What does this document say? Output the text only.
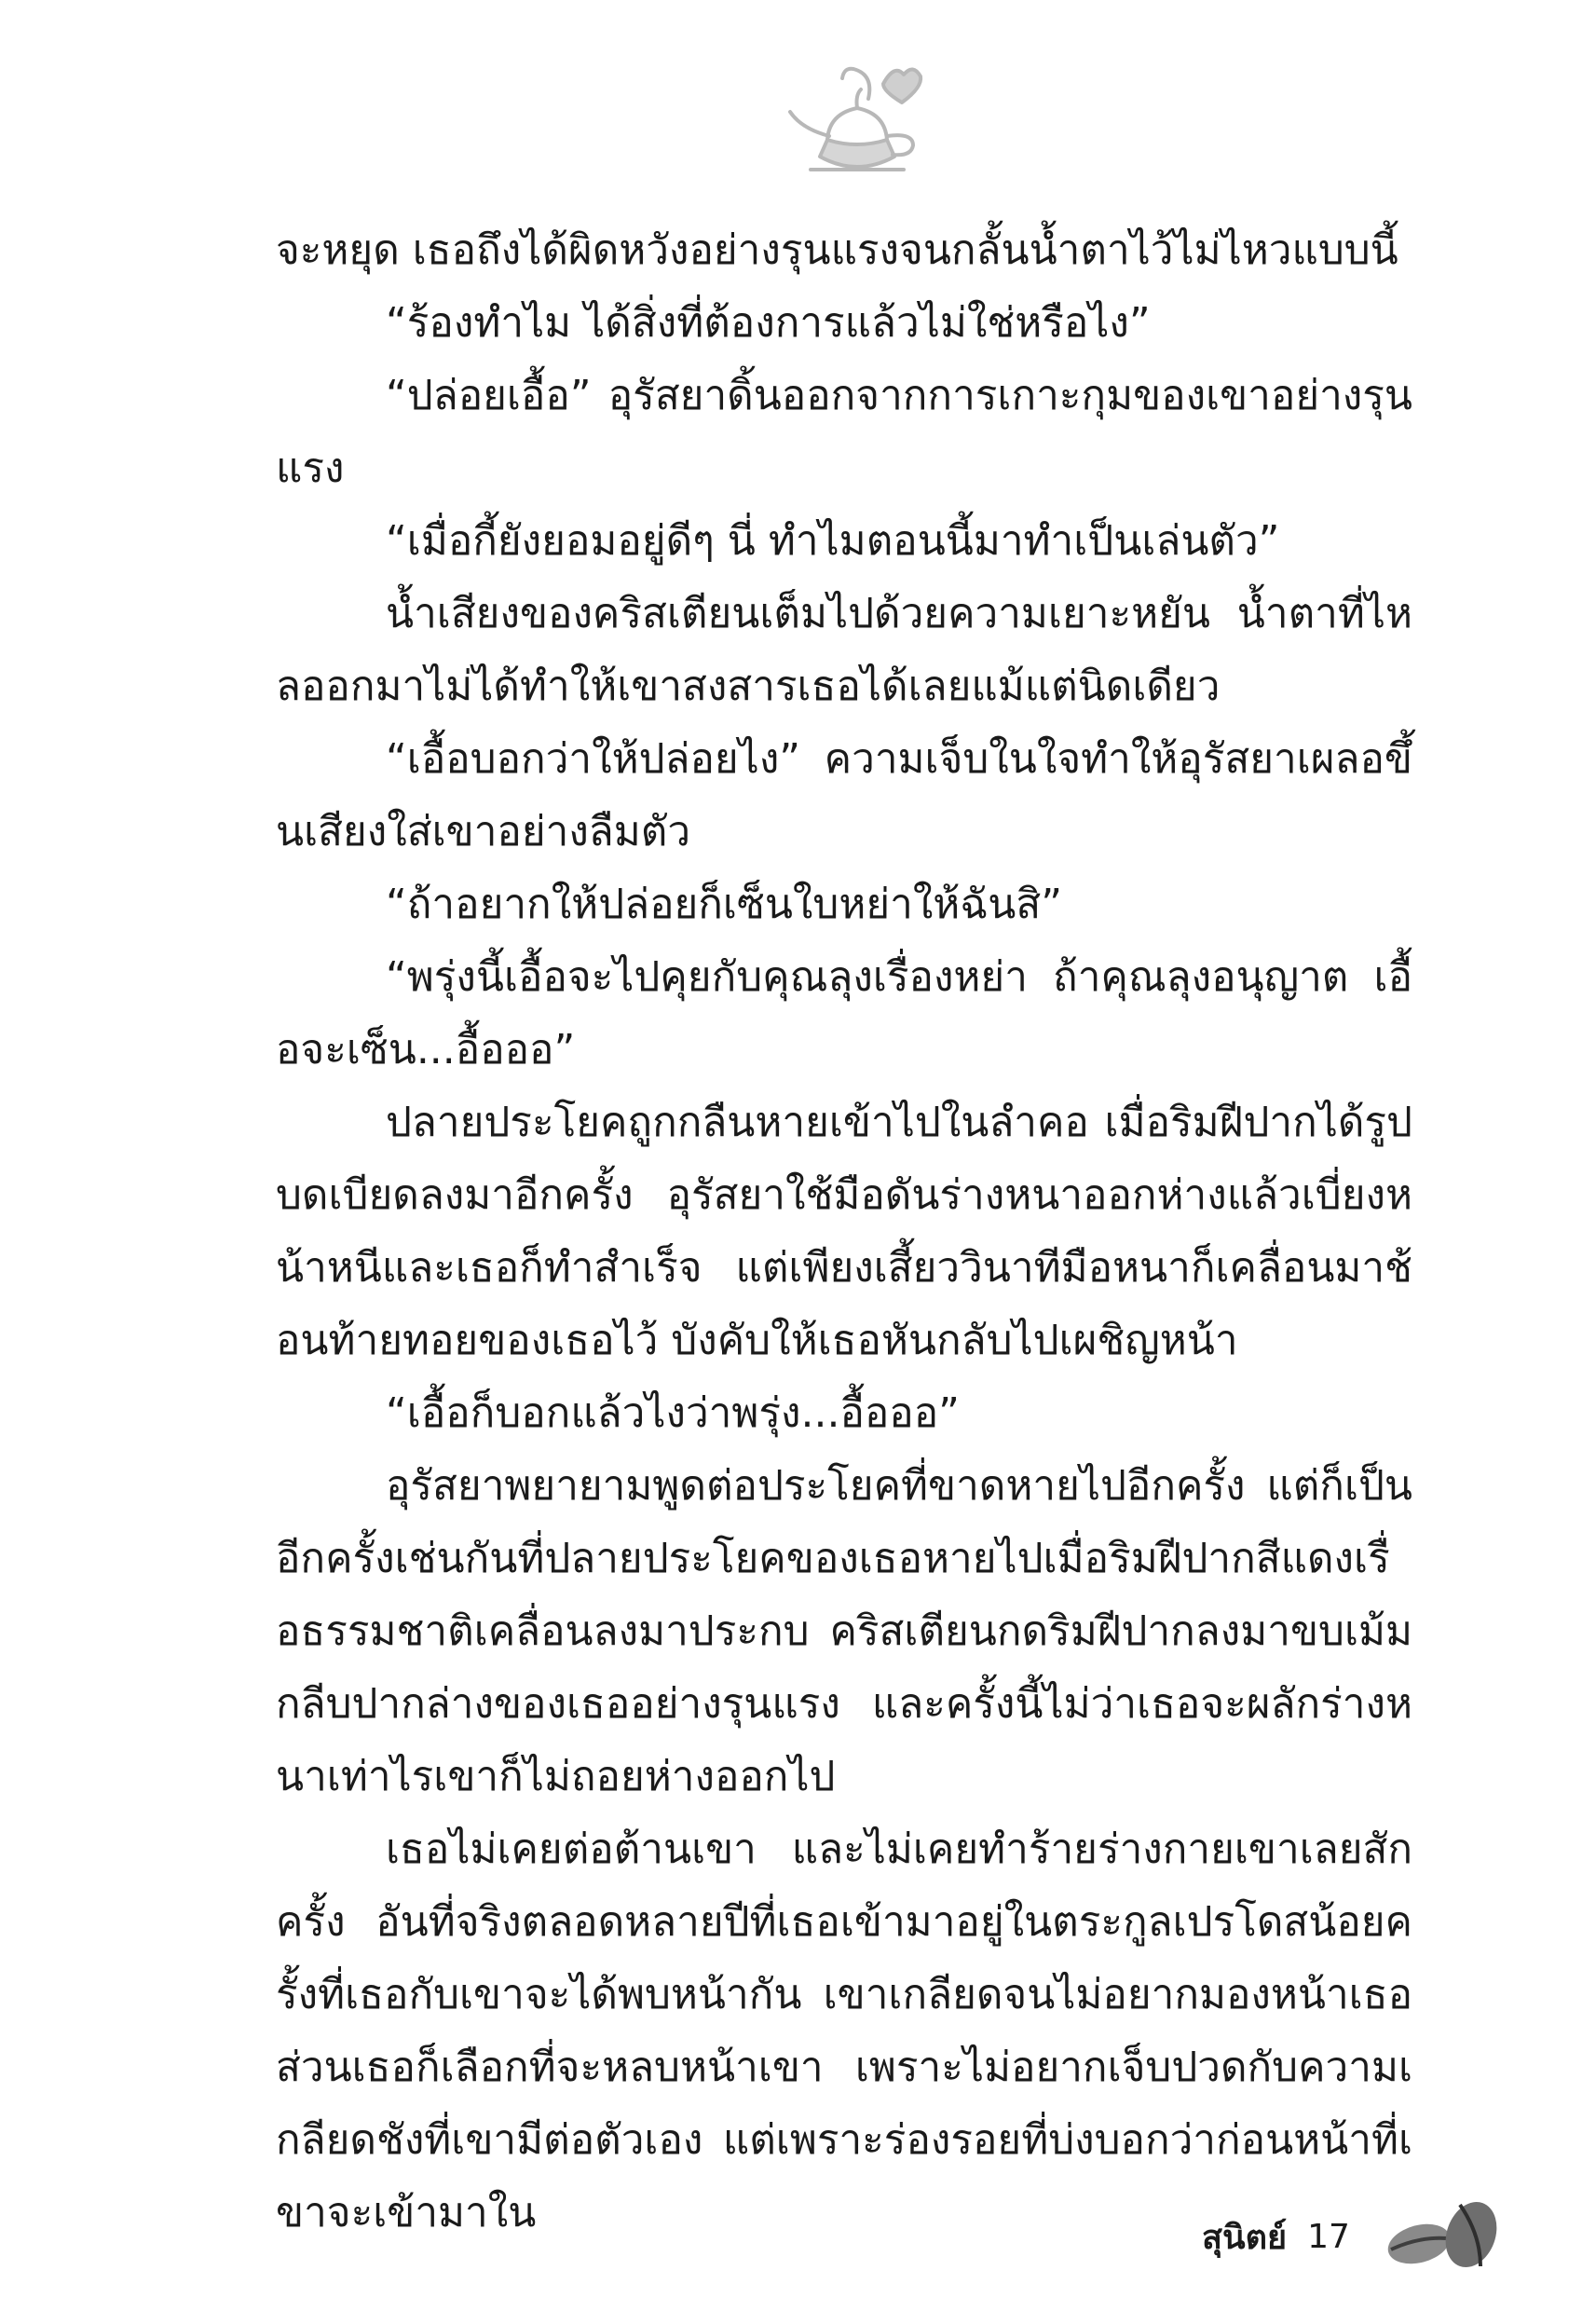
จะหยุด เธอถึงได้ผิดหวังอย่างรุนแรงจนกลั้นน้ำตาไว้ไม่ไหวแบบนี้

“ร้องทำไม ได้สิ่งที่ต้องการแล้วไม่ใช่หรือไง”

“ปล่อยเอื้อ” อุรัสยาดิ้นออกจากการเกาะกุมของเขาอย่างรุนแรง

“เมื่อกี้ยังยอมอยู่ดีๆ นี่ ทำไมตอนนี้มาทำเป็นเล่นตัว”

น้ำเสียงของคริสเตียนเต็มไปด้วยความเยาะหยัน น้ำตาที่ไหลออกมาไม่ได้ทำให้เขาสงสารเธอได้เลยแม้แต่นิดเดียว

“เอื้อบอกว่าให้ปล่อยไง” ความเจ็บในใจทำให้อุรัสยาเผลอขึ้นเสียงใส่เขาอย่างลืมตัว

“ถ้าอยากให้ปล่อยก็เซ็นใบหย่าให้ฉันสิ”

“พรุ่งนี้เอื้อจะไปคุยกับคุณลุงเรื่องหย่า ถ้าคุณลุงอนุญาต เอื้อจะเซ็น...อื้อออ”

ปลายประโยคถูกกลืนหายเข้าไปในลำคอ เมื่อริมฝีปากได้รูปบดเบียดลงมาอีกครั้ง อุรัสยาใช้มือดันร่างหนาออกห่างแล้วเบี่ยงหน้าหนีและเธอก็ทำสำเร็จ แต่เพียงเสี้ยววินาทีมือหนาก็เคลื่อนมาช้อนท้ายทอยของเธอไว้ บังคับให้เธอหันกลับไปเผชิญหน้า

“เอื้อก็บอกแล้วไงว่าพรุ่ง...อื้อออ”

อุรัสยาพยายามพูดต่อประโยคที่ขาดหายไปอีกครั้ง แต่ก็เป็นอีกครั้งเช่นกันที่ปลายประโยคของเธอหายไปเมื่อริมฝีปากสีแดงเรื่อธรรมชาติเคลื่อนลงมาประกบ คริสเตียนกดริมฝีปากลงมาขบเม้มกลีบปากล่างของเธออย่างรุนแรง และครั้งนี้ไม่ว่าเธอจะผลักร่างหนาเท่าไรเขาก็ไม่ถอยห่างออกไป

เธอไม่เคยต่อต้านเขา และไม่เคยทำร้ายร่างกายเขาเลยสักครั้ง อันที่จริงตลอดหลายปีที่เธอเข้ามาอยู่ในตระกูลเปรโดสน้อยครั้งที่เธอกับเขาจะได้พบหน้ากัน เขาเกลียดจนไม่อยากมองหน้าเธอ ส่วนเธอก็เลือกที่จะหลบหน้าเขา เพราะไม่อยากเจ็บปวดกับความเกลียดชังที่เขามีต่อตัวเอง แต่เพราะร่องรอยที่บ่งบอกว่าก่อนหน้าที่เขาจะเข้ามาใน

สุนิตย์ 17
